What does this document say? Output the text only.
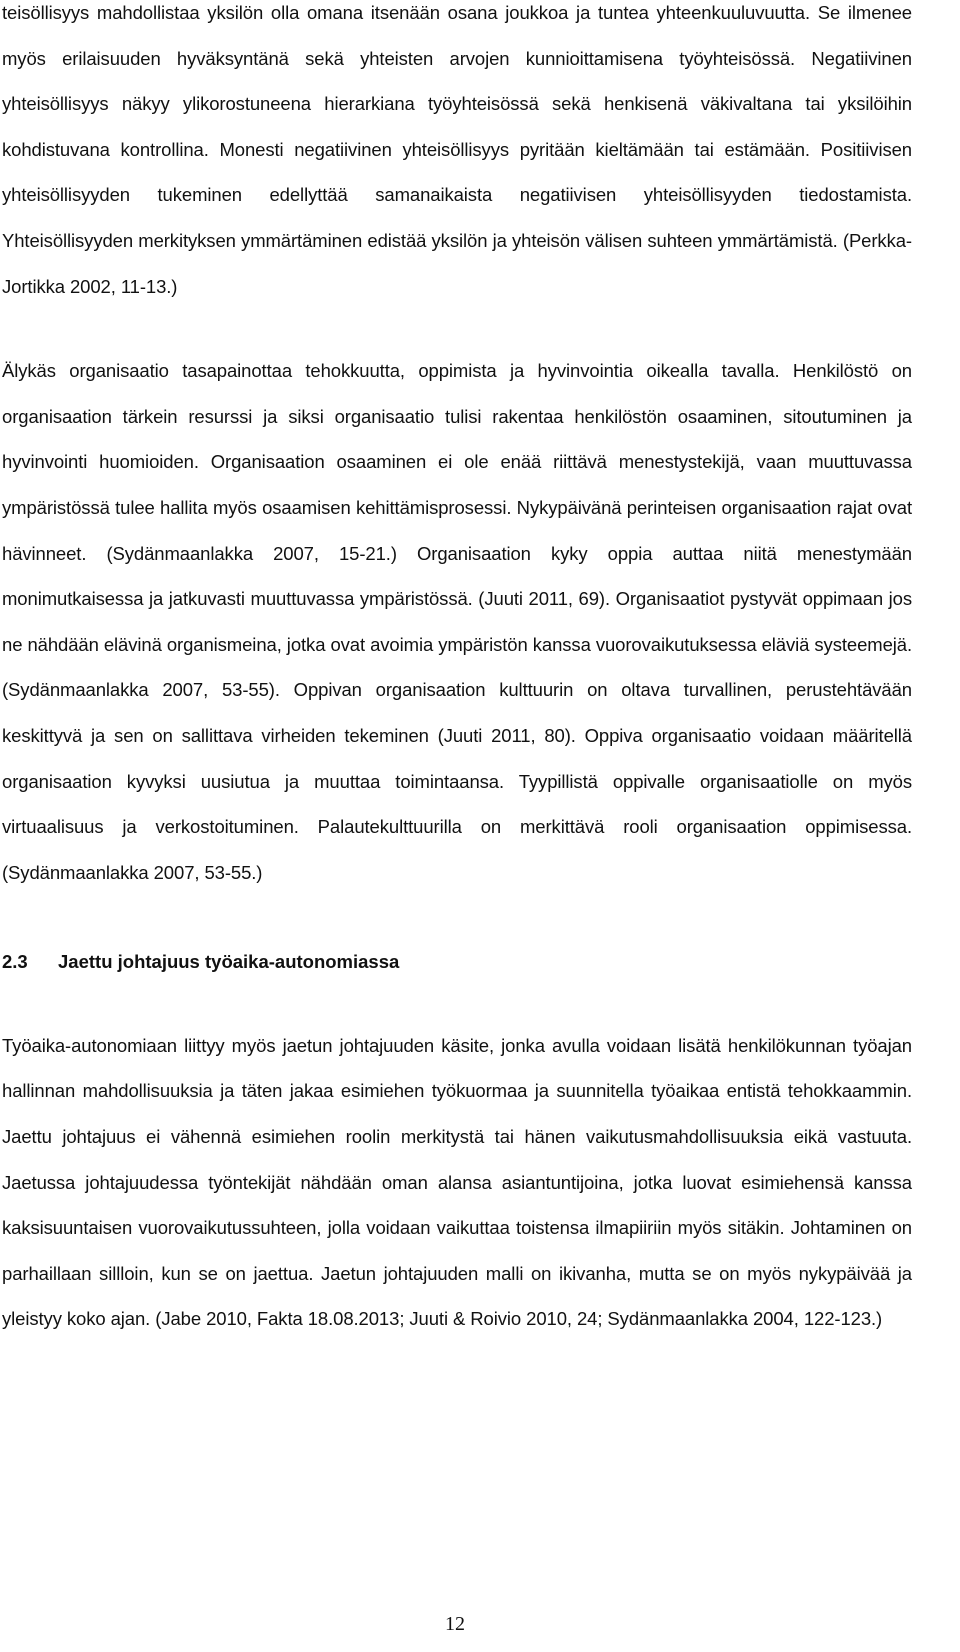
teisöllisyys mahdollistaa yksilön olla omana itsenään osana joukkoa ja tuntea yhteenkuuluvuutta. Se ilmenee myös erilaisuuden hyväksyntänä sekä yhteisten arvojen kunnioittamisena työyhteisössä. Negatiivinen yhteisöllisyys näkyy ylikorostuneena hierarkiana työyhteisössä sekä henkisenä väkivaltana tai yksilöihin kohdistuvana kontrollina. Monesti negatiivinen yhteisöllisyys pyritään kieltämään tai estämään. Positiivisen yhteisöllisyyden tukeminen edellyttää samanaikaista negatiivisen yhteisöllisyyden tiedostamista. Yhteisöllisyyden merkityksen ymmärtäminen edistää yksilön ja yhteisön välisen suhteen ymmärtämistä. (Perkka-Jortikka 2002, 11-13.)

Älykäs organisaatio tasapainottaa tehokkuutta, oppimista ja hyvinvointia oikealla tavalla. Henkilöstö on organisaation tärkein resurssi ja siksi organisaatio tulisi rakentaa henkilöstön osaaminen, sitoutuminen ja hyvinvointi huomioiden. Organisaation osaaminen ei ole enää riittävä menestystekijä, vaan muuttuvassa ympäristössä tulee hallita myös osaamisen kehittämisprosessi. Nykypäivänä perinteisen organisaation rajat ovat hävinneet. (Sydänmaanlakka 2007, 15-21.) Organisaation kyky oppia auttaa niitä menestymään monimutkaisessa ja jatkuvasti muuttuvassa ympäristössä. (Juuti 2011, 69). Organisaatiot pystyvät oppimaan jos ne nähdään elävinä organismeina, jotka ovat avoimia ympäristön kanssa vuorovaikutuksessa eläviä systeemejä. (Sydänmaanlakka 2007, 53-55). Oppivan organisaation kulttuurin on oltava turvallinen, perustehtävään keskittyvä ja sen on sallittava virheiden tekeminen (Juuti 2011, 80). Oppiva organisaatio voidaan määritellä organisaation kyvyksi uusiutua ja muuttaa toimintaansa. Tyypillistä oppivalle organisaatiolle on myös virtuaalisuus ja verkostoituminen. Palautekulttuurilla on merkittävä rooli organisaation oppimisessa. (Sydänmaanlakka 2007, 53-55.)

2.3	Jaettu johtajuus työaika-autonomiassa

Työaika-autonomiaan liittyy myös jaetun johtajuuden käsite, jonka avulla voidaan lisätä henkilökunnan työajan hallinnan mahdollisuuksia ja täten jakaa esimiehen työkuormaa ja suunnitella työaikaa entistä tehokkaammin. Jaettu johtajuus ei vähennä esimiehen roolin merkitystä tai hänen vaikutusmahdollisuuksia eikä vastuuta. Jaetussa johtajuudessa työntekijät nähdään oman alansa asiantuntijoina, jotka luovat esimiehensä kanssa kaksisuuntaisen vuorovaikutussuhteen, jolla voidaan vaikuttaa toistensa ilmapiiriin myös sitäkin. Johtaminen on parhaillaan sillloin, kun se on jaettua. Jaetun johtajuuden malli on ikivanha, mutta se on myös nykypäivää ja yleistyy koko ajan. (Jabe 2010, Fakta 18.08.2013; Juuti & Roivio 2010, 24; Sydänmaanlakka 2004, 122-123.)

12
